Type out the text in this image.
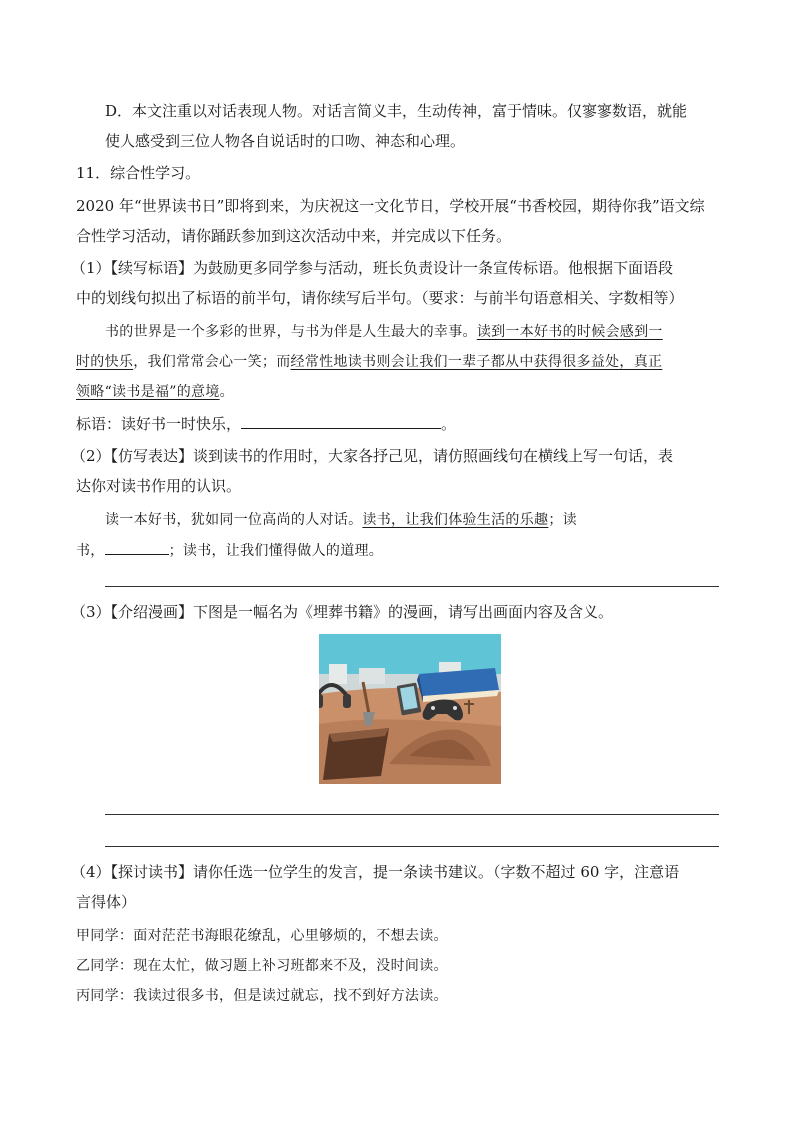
D．本文注重以对话表现人物。对话言简义丰，生动传神，富于情味。仅寥寥数语，就能
使人感受到三位人物各自说话时的口吻、神态和心理。
11．综合性学习。
2020 年“世界读书日”即将到来，为庆祝这一文化节日，学校开展“书香校园，期待你我”语文综
合性学习活动，请你踊跃参加到这次活动中来，并完成以下任务。
（1）【续写标语】为鼓励更多同学参与活动，班长负责设计一条宣传标语。他根据下面语段
中的划线句拟出了标语的前半句，请你续写后半句。（要求：与前半句语意相关、字数相等）
书的世界是一个多彩的世界，与书为伴是人生最大的幸事。读到一本好书的时候会感到一
时的快乐，我们常常会心一笑；而经常性地读书则会让我们一辈子都从中获得很多益处，真正
领略“读书是福”的意境。
标语：读好书一时快乐，	。
（2）【仿写表达】谈到读书的作用时，大家各抒己见，请仿照画线句在横线上写一句话，表
达你对读书作用的认识。
读一本好书，犹如同一位高尚的人对话。读书，让我们体验生活的乐趣；读
书，	；读书，让我们懂得做人的道理。
（3）【介绍漫画】下图是一幅名为《埋葬书籍》的漫画，请写出画面内容及含义。
（4）【探讨读书】请你任选一位学生的发言，提一条读书建议。（字数不超过 60 字，注意语
言得体）
甲同学：面对茫茫书海眼花缭乱，心里够烦的，不想去读。
乙同学：现在太忙，做习题上补习班都来不及，没时间读。
丙同学：我读过很多书，但是读过就忘，找不到好方法读。
